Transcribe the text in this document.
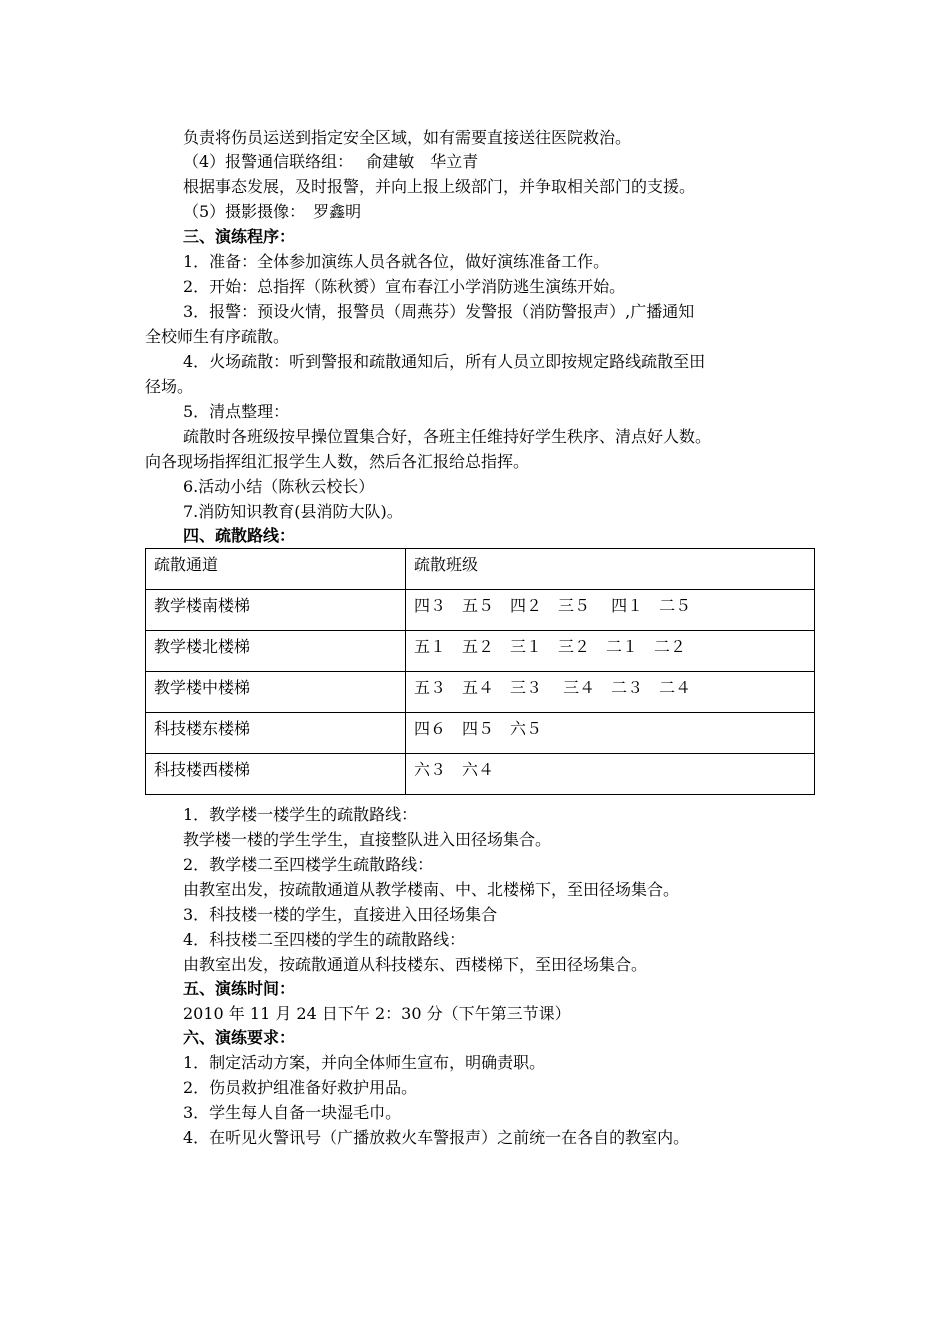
负责将伤员运送到指定安全区域，如有需要直接送往医院救治。
（4）报警通信联络组：　 俞建敏　华立青
根据事态发展，及时报警，并向上报上级部门，并争取相关部门的支援。
（5）摄影摄像：　罗鑫明
三、演练程序：
1．准备：全体参加演练人员各就各位，做好演练准备工作。
2．开始：总指挥（陈秋赟）宣布春江小学消防逃生演练开始。
3．报警：预设火情，报警员（周燕芬）发警报（消防警报声）,广播通知
全校师生有序疏散。
4．火场疏散：听到警报和疏散通知后，所有人员立即按规定路线疏散至田
径场。
5．清点整理：
疏散时各班级按早操位置集合好，各班主任维持好学生秩序、清点好人数。
向各现场指挥组汇报学生人数，然后各汇报给总指挥。
6.活动小结（陈秋云校长）
7.消防知识教育(县消防大队)。
四、疏散路线：
疏散通道	疏散班级
教学楼南楼梯	四３　五５　四２　三５　 四１　二５
教学楼北楼梯	五１　五２　三１　三２　二１　二２
教学楼中楼梯	五３　五４　三３　 三４　二３　二４
科技楼东楼梯	四６　四５　六５
科技楼西楼梯	六３　六４
1．教学楼一楼学生的疏散路线：
教学楼一楼的学生学生，直接整队进入田径场集合。
2．教学楼二至四楼学生疏散路线：
由教室出发，按疏散通道从教学楼南、中、北楼梯下，至田径场集合。
3．科技楼一楼的学生，直接进入田径场集合
4．科技楼二至四楼的学生的疏散路线：
由教室出发，按疏散通道从科技楼东、西楼梯下，至田径场集合。
五、演练时间：
2010 年 11 月 24 日下午 2：30 分（下午第三节课）
六、演练要求：
1．制定活动方案，并向全体师生宣布，明确责职。
2．伤员救护组准备好救护用品。
3．学生每人自备一块湿毛巾。
4．在听见火警讯号（广播放救火车警报声）之前统一在各自的教室内。
